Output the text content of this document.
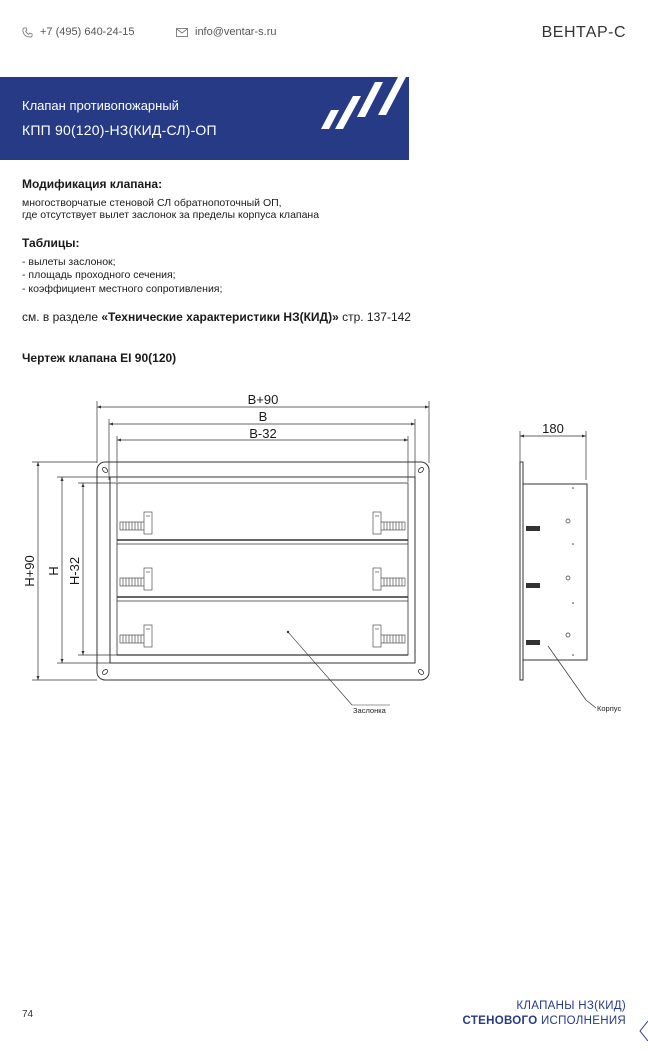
+7 (495) 640-24-15	info@ventar-s.ru	ВЕНТАР-С
Клапан противопожарный
КПП 90(120)-НЗ(КИД-СЛ)-ОП
Модификация клапана:
многостворчатые стеновой СЛ обратнопоточный ОП,
где отсутствует вылет заслонок за пределы корпуса клапана
Таблицы:
- вылеты заслонок;
- площадь проходного сечения;
- коэффициент местного сопротивления;
см. в разделе «Технические характеристики НЗ(КИД)» стр. 137-142
Чертеж клапана EI 90(120)
B+90
B
B-32
H+90 H H-32
180
Заслонка	Корпус
74
КЛАПАНЫ НЗ(КИД)
СТЕНОВОГО ИСПОЛНЕНИЯ
